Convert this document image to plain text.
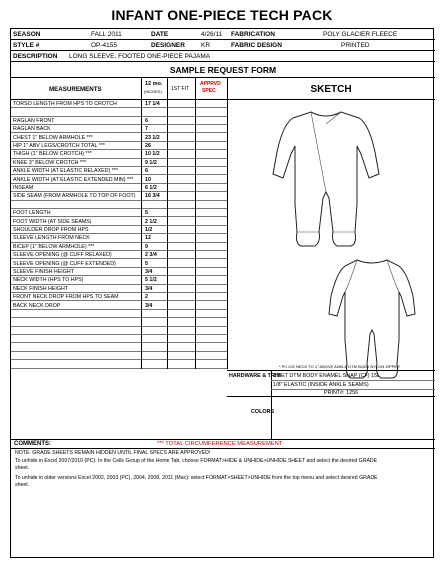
INFANT ONE-PIECE TECH PACK
SEASON	FALL 2011	DATE	4/26/11 FABRICATION	POLY GLACIER FLEECE
STYLE #	OP-4155	DESIGNER KR	FABRIC DESIGN	PRINTED
DESCRIPTION LONG SLEEVE, FOOTED ONE-PIECE PAJAMA
SAMPLE REQUEST FORM
MEASUREMENTS
12 mo.
(INCHES) 1ST FIT
APPRVD
SPEC
TORSO LENGTH FROM HPS TO CROTCH	17 1/4
RAGLAN FRONT	6
RAGLAN BACK	7
CHEST 1" BELOW ARMHOLE ***	23 1/2
HIP 1" ABV LEGS/CROTCH TOTAL ***	26
THIGH (1" BELOW CROTCH) ***	10 1/2
KNEE 3" BELOW CROTCH ***	9 1/2
ANKLE WIDTH (AT ELASTIC RELAXED) ***	6
ANKLE WIDTH (AT ELASTIC EXTENDED MIN) *** 10
INSEAM	6 1/2
SIDE SEAM (FROM ARMHOLE TO TOP OF FOOT) 16 3/4
FOOT LENGTH	5
FOOT WIDTH (AT SIDE SEAMS)	2 1/2
SHOULDER DROP FROM HPS	1/2
SLEEVE LENGTH FROM NECK	12
BICEP (1" BELOW ARMHOLE) ***	9
SLEEVE OPENING (@ CUFF RELAXED)	2 3/4
SLEEVE OPENING (@ CUFF EXTENDED)	5
SLEEVE FINISH HEIGHT	3/4
NECK WIDTH (HPS TO HPS)	5 1/2
NECK FINISH HEIGHT	3/4
FRONT NECK DROP FROM HPS TO SEAM	2
BACK NECK DROP	3/4
SKETCH
* PC ICE NECK TO 1" ABOVE ANKLE DTM BODY NYLON ZIPPER
HARDWARE & TRIM
1 SET DTM BODY ENAMEL SNAP (CF) 15L
1/8" ELASTIC (INSIDE ANKLE SEAMS)
PRINT#: 1256
COLORS
COMMENTS:	*** TOTAL CIRCUMFERENCE MEASUREMENT
NOTE: GRADE SHEETS REMAIN HIDDEN UNTIL FINAL SPECS ARE APPROVED!
To unhide in Excel 2007/2010 (PC): In the Cells Group of the Home Tab, choose FORMAT>HIDE & UNHIDE>UNHIDE SHEET and select the desired GRADE
sheet.
To unhide in older versions Excel 2002, 2003 (PC), 2004, 2008, 2011 (Mac): select FORMAT>SHEET>UNHIDE from the top menu and select desired GRADE
sheet.
